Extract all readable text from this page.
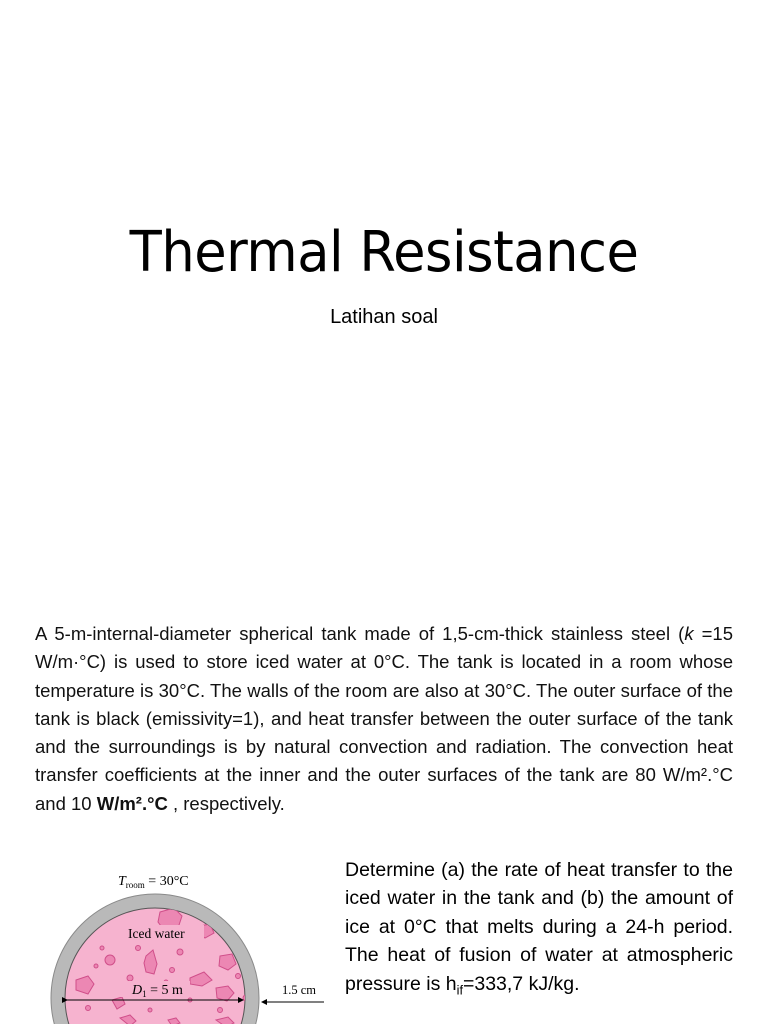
Thermal Resistance

Latihan soal

A 5-m-internal-diameter spherical tank made of 1,5-cm-thick stainless steel (k =15 W/m·°C) is used to store iced water at 0°C. The tank is located in a room whose temperature is 30°C. The walls of the room are also at 30°C. The outer surface of the tank is black (emissivity=1), and heat transfer between the outer surface of the tank and the surroundings is by natural convection and radiation. The convection heat transfer coefficients at the inner and the outer surfaces of the tank are 80 W/m².°C and 10 W/m².°C , respectively.

$T_{room} = 30^\circ C$
Iced water
$D_1 = 5$ m	1.5 cm

Determine (a) the rate of heat transfer to the iced water in the tank and (b) the amount of ice at 0°C that melts during a 24-h period. The heat of fusion of water at atmospheric pressure is $h_{if}=333,7$ kJ/kg.
